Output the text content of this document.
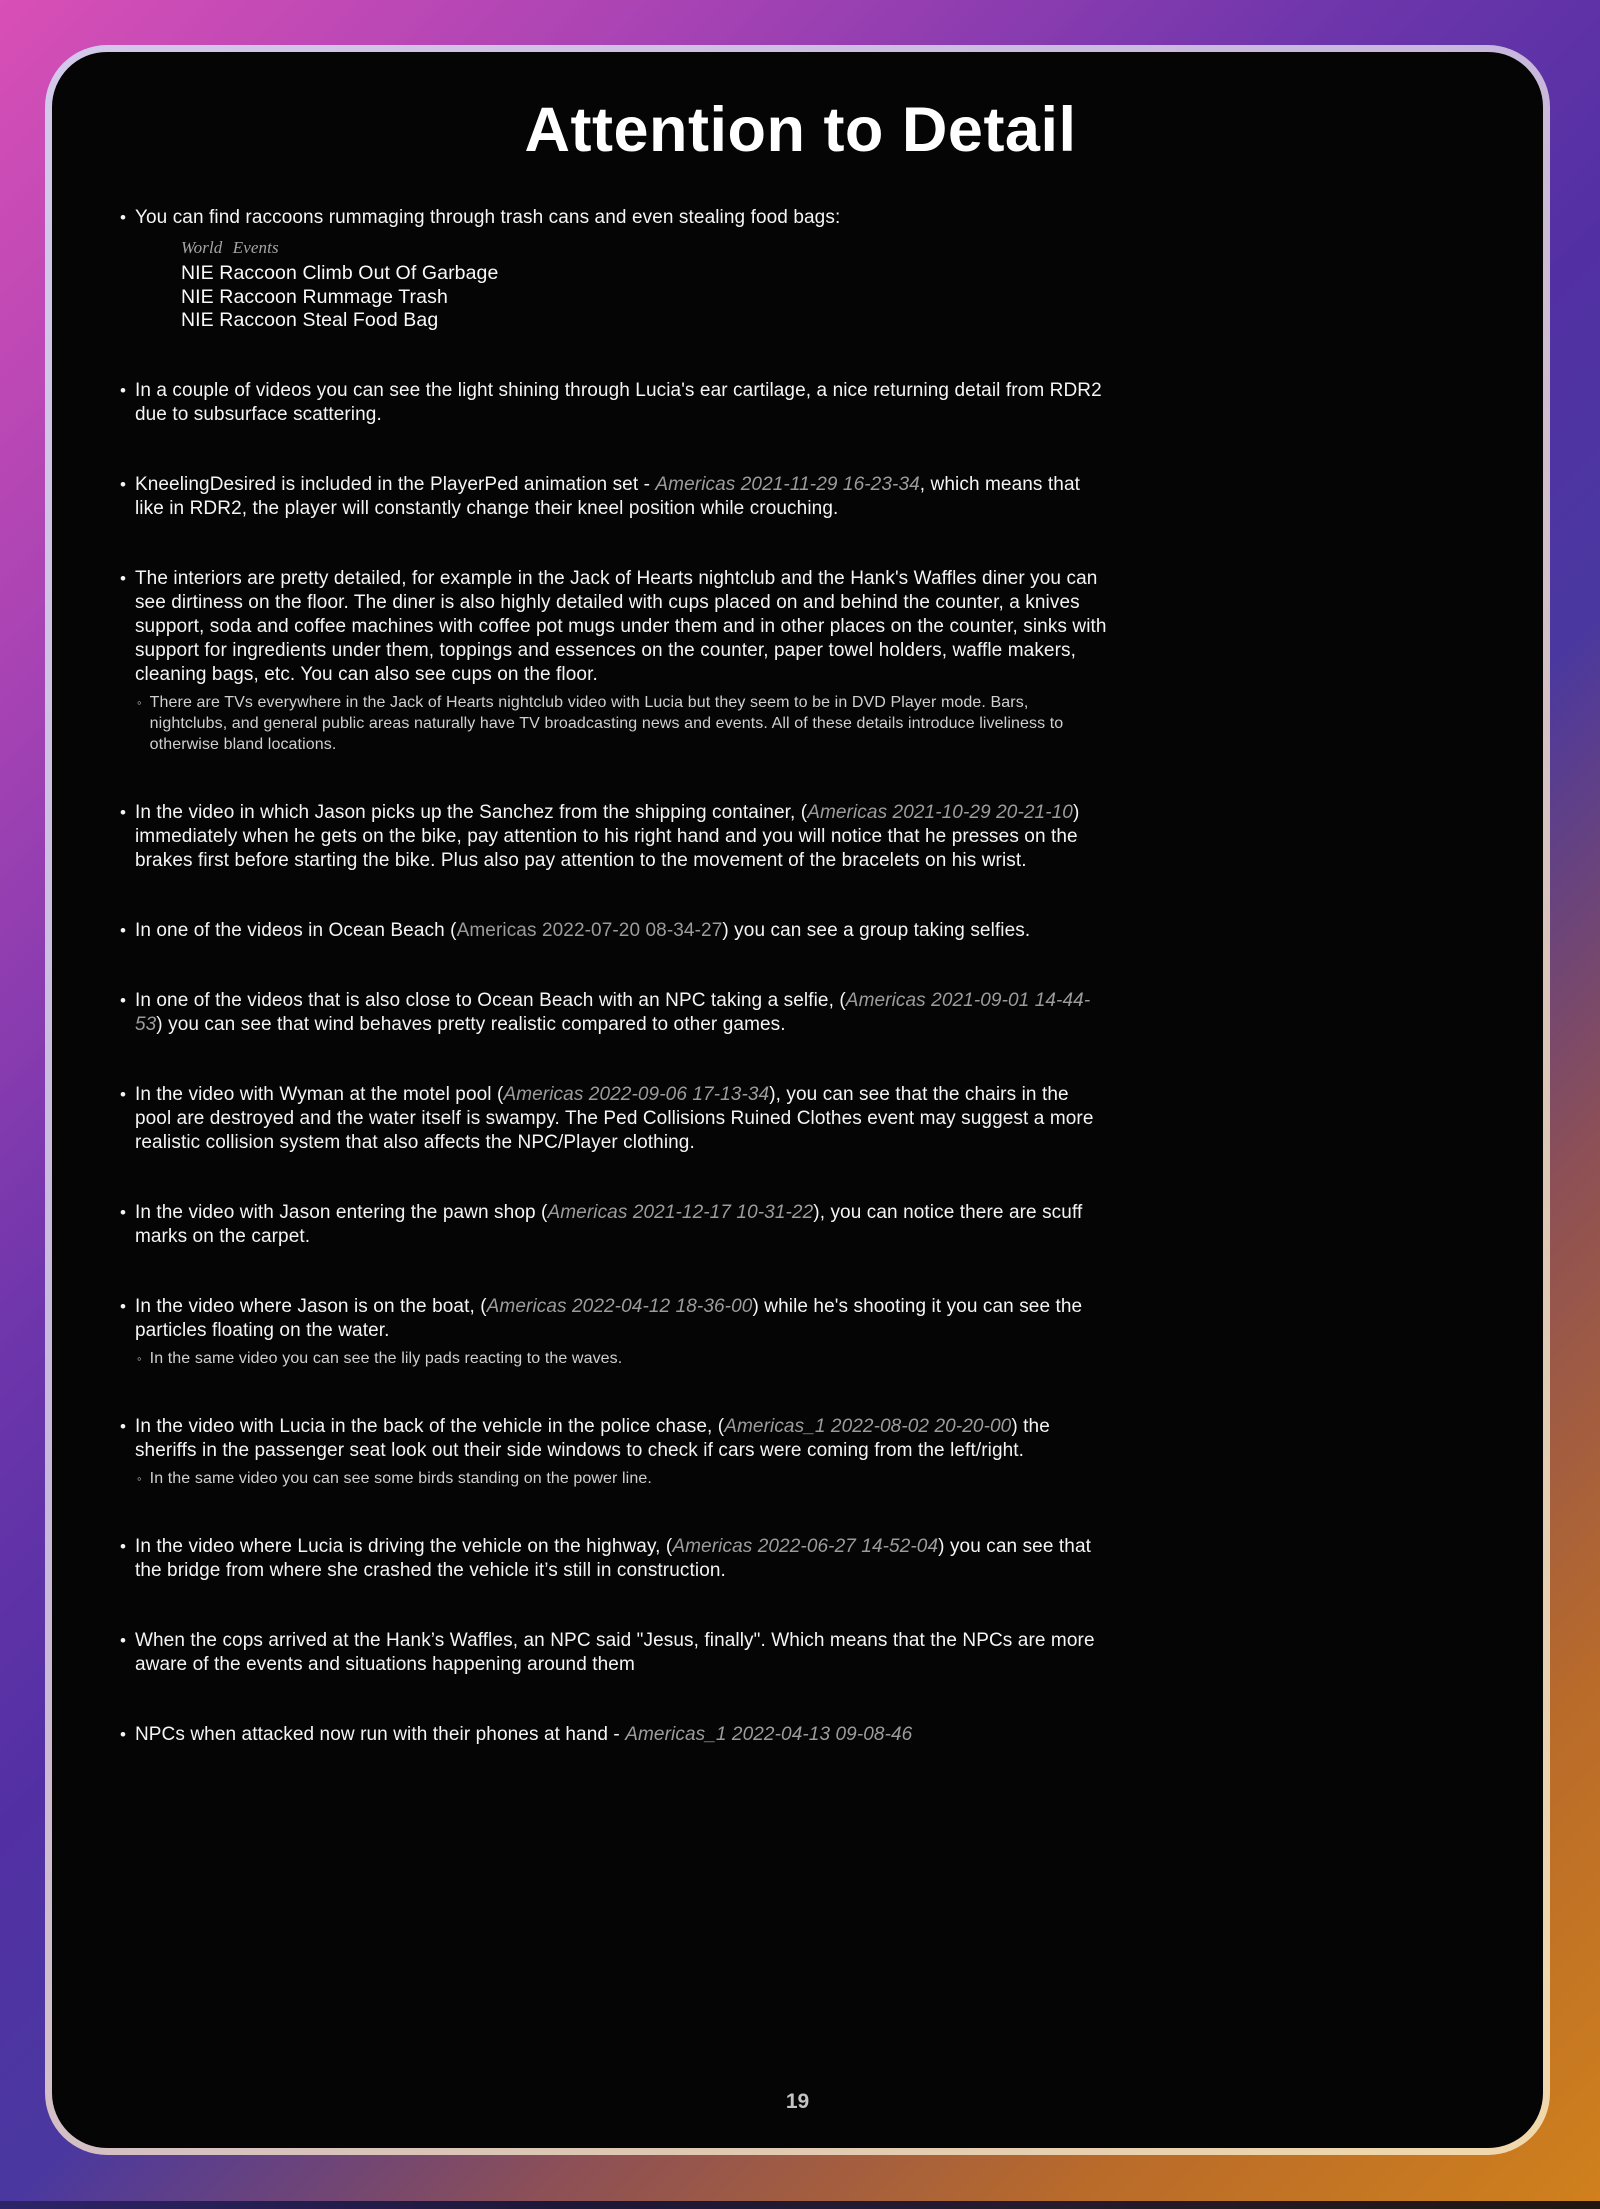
Attention to Detail
• You can find raccoons rummaging through trash cans and even stealing food bags:
World Events
NIE Raccoon Climb Out Of Garbage
NIE Raccoon Rummage Trash
NIE Raccoon Steal Food Bag
• In a couple of videos you can see the light shining through Lucia's ear cartilage, a nice returning detail from RDR2 due to subsurface scattering.
• KneelingDesired is included in the PlayerPed animation set - Americas 2021-11-29 16-23-34, which means that like in RDR2, the player will constantly change their kneel position while crouching.
• The interiors are pretty detailed, for example in the Jack of Hearts nightclub and the Hank's Waffles diner you can see dirtiness on the floor. The diner is also highly detailed with cups placed on and behind the counter, a knives support, soda and coffee machines with coffee pot mugs under them and in other places on the counter, sinks with support for ingredients under them, toppings and essences on the counter, paper towel holders, waffle makers, cleaning bags, etc. You can also see cups on the floor.
◦ There are TVs everywhere in the Jack of Hearts nightclub video with Lucia but they seem to be in DVD Player mode. Bars, nightclubs, and general public areas naturally have TV broadcasting news and events. All of these details introduce liveliness to otherwise bland locations.
• In the video in which Jason picks up the Sanchez from the shipping container, (Americas 2021-10-29 20-21-10) immediately when he gets on the bike, pay attention to his right hand and you will notice that he presses on the brakes first before starting the bike. Plus also pay attention to the movement of the bracelets on his wrist.
• In one of the videos in Ocean Beach (Americas 2022-07-20 08-34-27) you can see a group taking selfies.
• In one of the videos that is also close to Ocean Beach with an NPC taking a selfie, (Americas 2021-09-01 14-44-53) you can see that wind behaves pretty realistic compared to other games.
• In the video with Wyman at the motel pool (Americas 2022-09-06 17-13-34), you can see that the chairs in the pool are destroyed and the water itself is swampy. The Ped Collisions Ruined Clothes event may suggest a more realistic collision system that also affects the NPC/Player clothing.
• In the video with Jason entering the pawn shop (Americas 2021-12-17 10-31-22), you can notice there are scuff marks on the carpet.
• In the video where Jason is on the boat, (Americas 2022-04-12 18-36-00) while he's shooting it you can see the particles floating on the water.
◦ In the same video you can see the lily pads reacting to the waves.
• In the video with Lucia in the back of the vehicle in the police chase, (Americas_1 2022-08-02 20-20-00) the sheriffs in the passenger seat look out their side windows to check if cars were coming from the left/right.
◦ In the same video you can see some birds standing on the power line.
• In the video where Lucia is driving the vehicle on the highway, (Americas 2022-06-27 14-52-04) you can see that the bridge from where she crashed the vehicle it’s still in construction.
• When the cops arrived at the Hank’s Waffles, an NPC said "Jesus, finally". Which means that the NPCs are more aware of the events and situations happening around them
• NPCs when attacked now run with their phones at hand - Americas_1 2022-04-13 09-08-46
19
